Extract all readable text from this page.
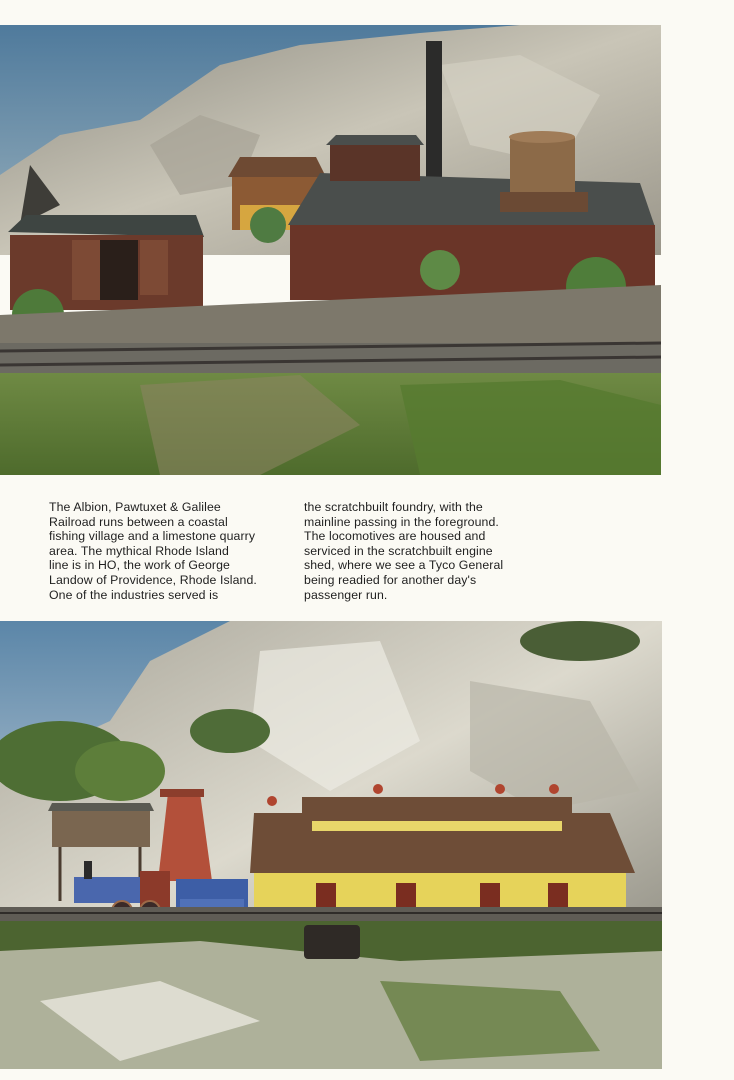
The Albion, Pawtuxet & Galilee
Railroad runs between a coastal
fishing village and a limestone quarry
area. The mythical Rhode Island
line is in HO, the work of George
Landow of Providence, Rhode Island.
One of the industries served is
the scratchbuilt foundry, with the
mainline passing in the foreground.
The locomotives are housed and
serviced in the scratchbuilt engine
shed, where we see a Tyco General
being readied for another day's
passenger run.
